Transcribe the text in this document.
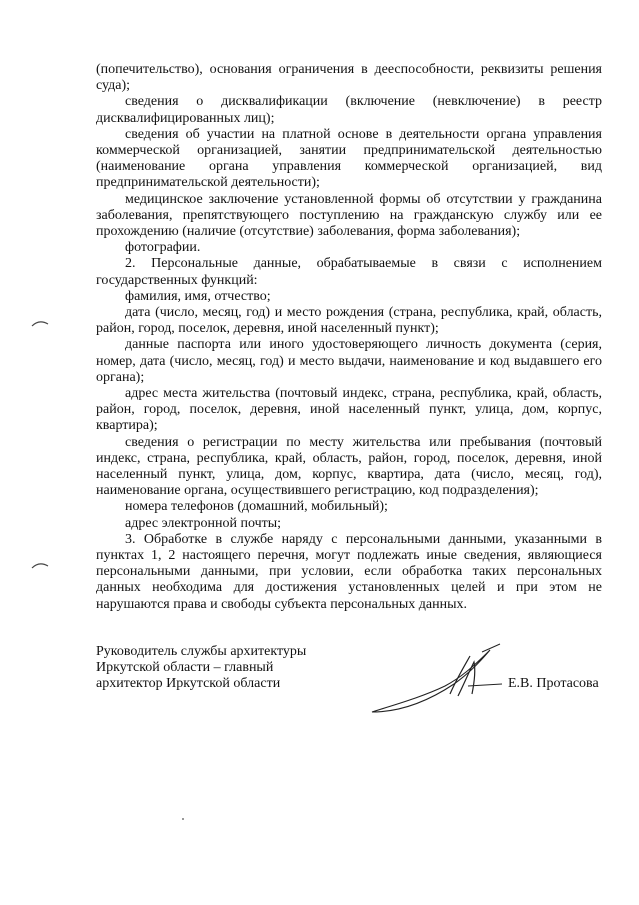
(попечительство), основания ограничения в дееспособности, реквизиты решения
суда);
сведения о дисквалификации (включение (невключение) в реестр
дисквалифицированных лиц);
сведения об участии на платной основе в деятельности органа управления
коммерческой организацией, занятии предпринимательской деятельностью
(наименование органа управления коммерческой организацией, вид
предпринимательской деятельности);
медицинское заключение установленной формы об отсутствии у гражданина
заболевания, препятствующего поступлению на гражданскую службу или ее
прохождению (наличие (отсутствие) заболевания, форма заболевания);
фотографии.
2. Персональные данные, обрабатываемые в связи с исполнением
государственных функций:
фамилия, имя, отчество;
дата (число, месяц, год) и место рождения (страна, республика, край, область,
район, город, поселок, деревня, иной населенный пункт);
данные паспорта или иного удостоверяющего личность документа (серия,
номер, дата (число, месяц, год) и место выдачи, наименование и код выдавшего его
органа);
адрес места жительства (почтовый индекс, страна, республика, край, область,
район, город, поселок, деревня, иной населенный пункт, улица, дом, корпус,
квартира);
сведения о регистрации по месту жительства или пребывания (почтовый
индекс, страна, республика, край, область, район, город, поселок, деревня, иной
населенный пункт, улица, дом, корпус, квартира, дата (число, месяц, год),
наименование органа, осуществившего регистрацию, код подразделения);
номера телефонов (домашний, мобильный);
адрес электронной почты;
3. Обработке в службе наряду с персональными данными, указанными в
пунктах 1, 2 настоящего перечня, могут подлежать иные сведения, являющиеся
персональными данными, при условии, если обработка таких персональных
данных необходима для достижения установленных целей и при этом не
нарушаются права и свободы субъекта персональных данных.
Руководитель службы архитектуры
Иркутской области – главный
архитектор Иркутской области	Е.В. Протасова
